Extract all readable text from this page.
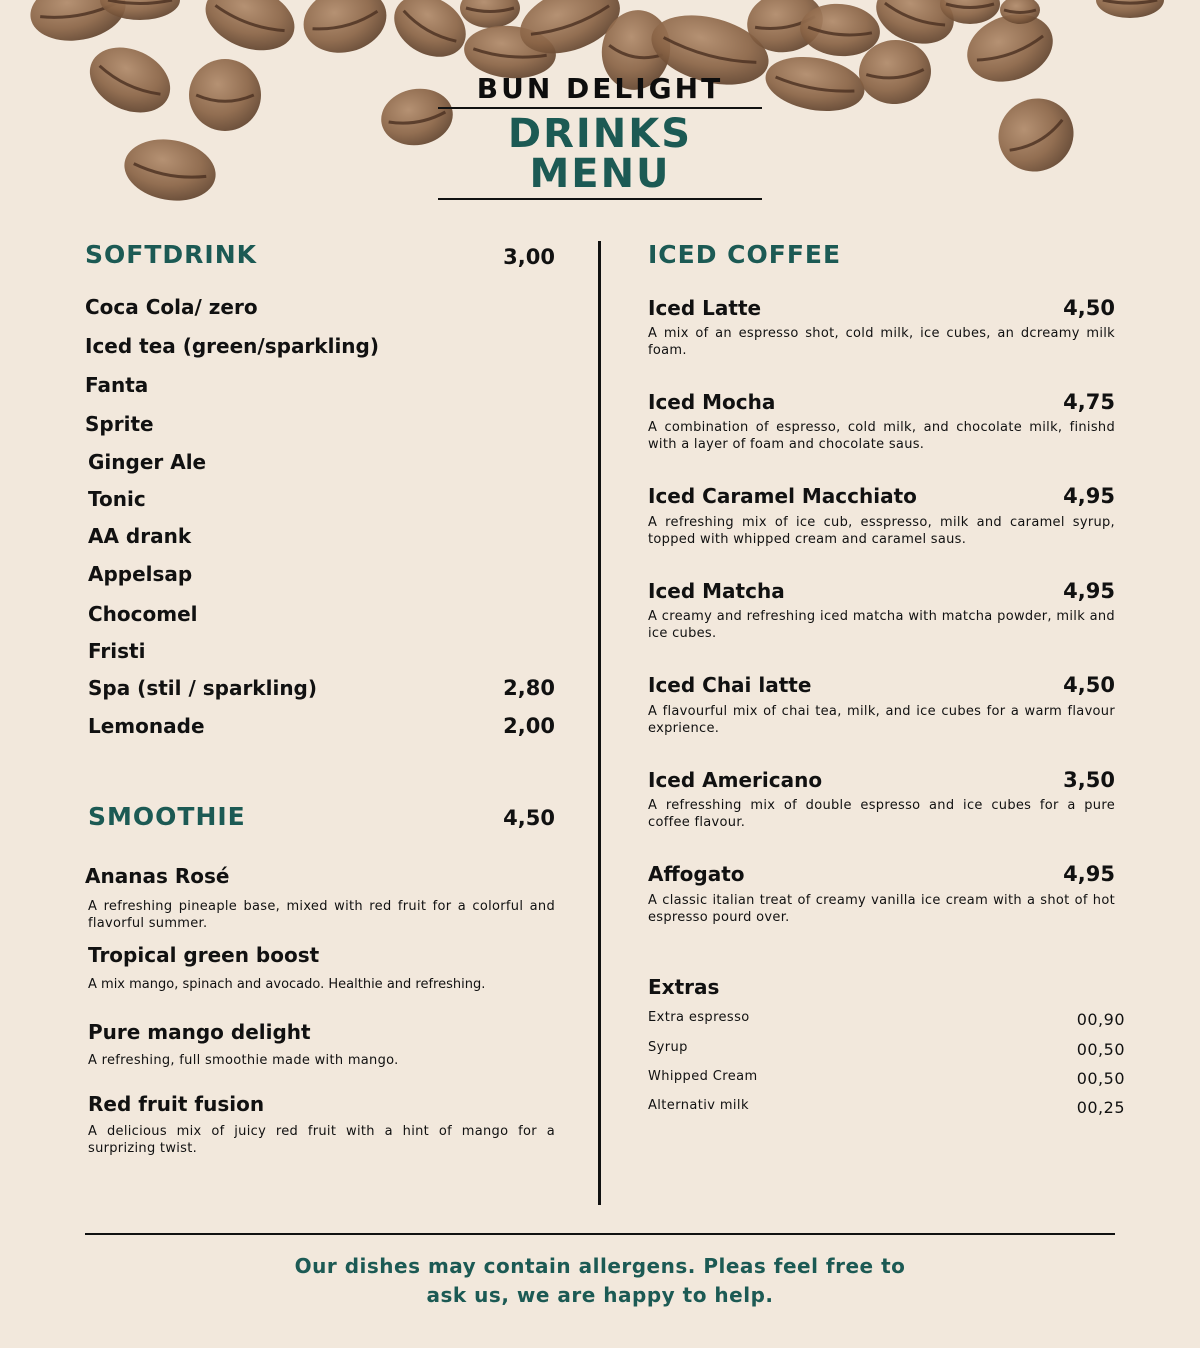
BUN DELIGHT
DRINKS
MENU
SOFTDRINK	3,00
Coca Cola/ zero
Iced tea (green/sparkling)
Fanta
Sprite
Ginger Ale
Tonic
AA drank
Appelsap
Chocomel
Fristi
Spa (stil / sparkling)	2,80
Lemonade	2,00
SMOOTHIE	4,50
Ananas Rosé
A refreshing pineaple base, mixed with red fruit for a colorful and flavorful summer.
Tropical green boost
A mix mango, spinach and avocado. Healthie and refreshing.
Pure mango delight
A refreshing, full smoothie made with mango.
Red fruit fusion
A delicious mix of juicy red fruit with a hint of mango for a surprizing twist.
ICED COFFEE
Iced Latte	4,50
A mix of an espresso shot, cold milk, ice cubes, an dcreamy milk foam.
Iced Mocha	4,75
A combination of espresso, cold milk, and chocolate milk, finishd with a layer of foam and chocolate saus.
Iced Caramel Macchiato	4,95
A refreshing mix of ice cub, esspresso, milk and caramel syrup, topped with whipped cream and caramel saus.
Iced Matcha	4,95
A creamy and refreshing iced matcha with matcha powder, milk and ice cubes.
Iced Chai latte	4,50
A flavourful mix of chai tea, milk, and ice cubes for a warm flavour exprience.
Iced Americano	3,50
A refresshing mix of double espresso and ice cubes for a pure coffee flavour.
Affogato	4,95
A classic italian treat of creamy vanilla ice cream with a shot of hot espresso pourd over.
Extras
Extra espresso	00,90
Syrup	00,50
Whipped Cream	00,50
Alternativ milk	00,25
Our dishes may contain allergens. Pleas feel free to
ask us, we are happy to help.
